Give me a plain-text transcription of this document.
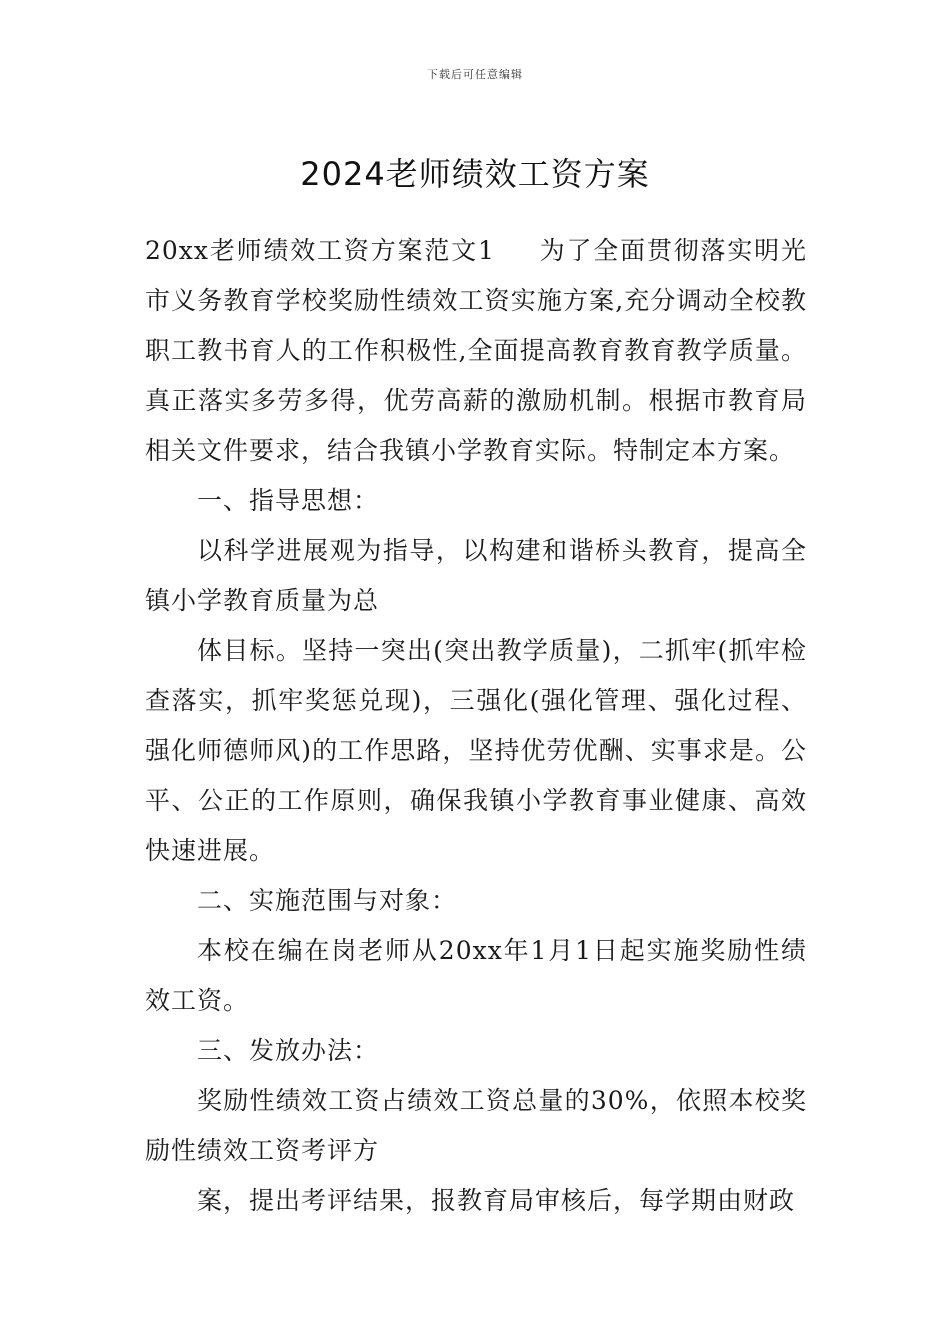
下载后可任意编辑
2024老师绩效工资方案

20xx老师绩效工资方案范文1 为了全面贯彻落实明光市义务教育学校奖励性绩效工资实施方案,充分调动全校教职工教书育人的工作积极性,全面提高教育教育教学质量。真正落实多劳多得，优劳高薪的激励机制。根据市教育局相关文件要求，结合我镇小学教育实际。特制定本方案。

一、指导思想：

以科学进展观为指导，以构建和谐桥头教育，提高全镇小学教育质量为总

体目标。坚持一突出(突出教学质量)，二抓牢(抓牢检查落实，抓牢奖惩兑现)，三强化(强化管理、强化过程、强化师德师风)的工作思路，坚持优劳优酬、实事求是。公平、公正的工作原则，确保我镇小学教育事业健康、高效快速进展。

二、实施范围与对象：

本校在编在岗老师从20xx年1月1日起实施奖励性绩效工资。

三、发放办法：

奖励性绩效工资占绩效工资总量的30%，依照本校奖励性绩效工资考评方

案，提出考评结果，报教育局审核后，每学期由财政
